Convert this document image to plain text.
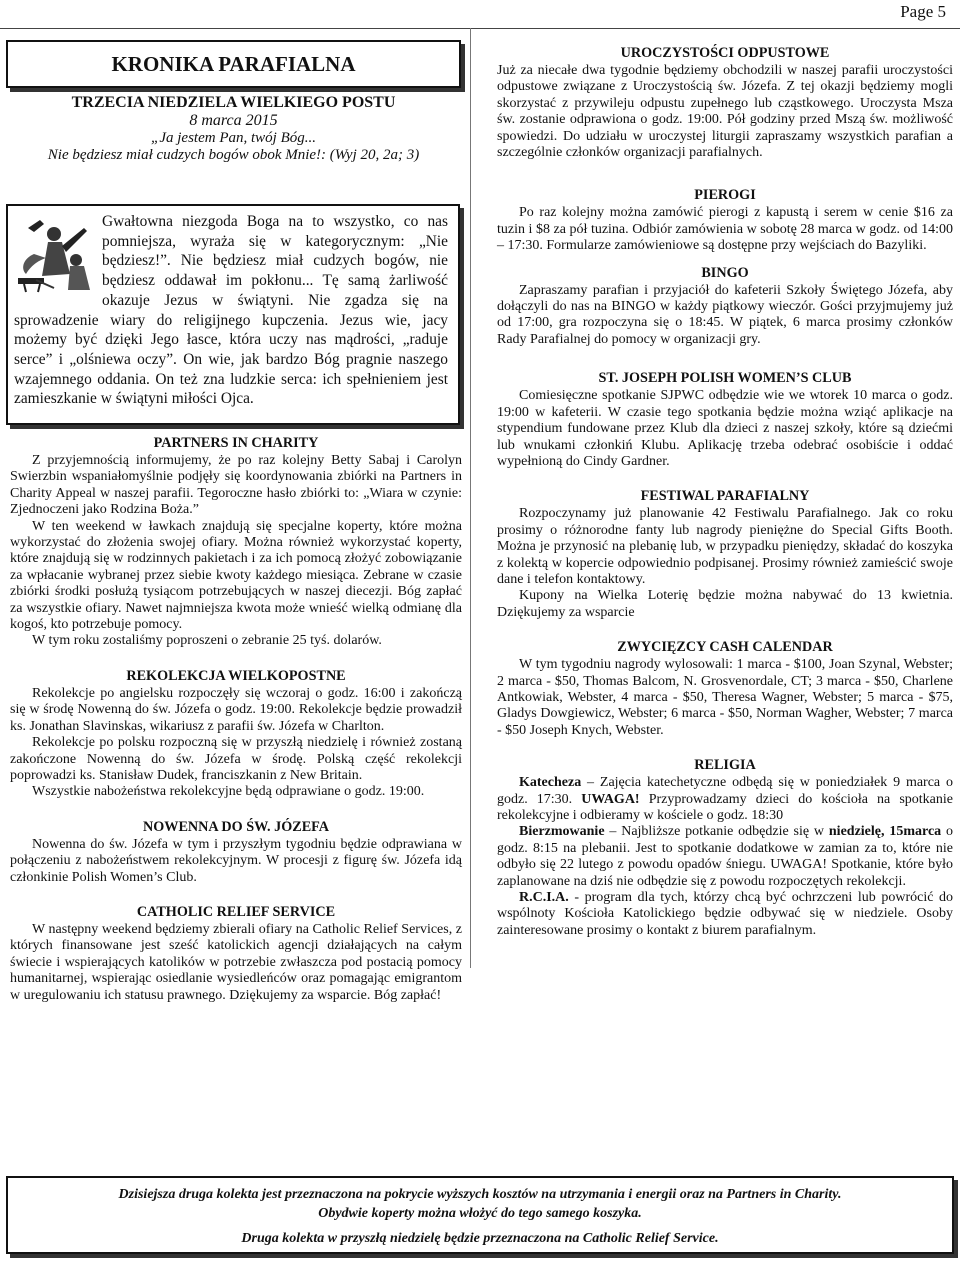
Page 5
KRONIKA PARAFIALNA
TRZECIA NIEDZIELA WIELKIEGO POSTU
8 marca 2015
„Ja jestem Pan, twój Bóg...
Nie będziesz miał cudzych bogów obok Mnie!: (Wyj 20, 2a; 3)
Gwałtowna niezgoda Boga na to wszystko, co nas pomniejsza, wyraża się w kategorycznym: „Nie będziesz!”. Nie będziesz miał cudzych bogów, nie będziesz oddawał im pokłonu... Tę samą żarliwość okazuje Jezus w świątyni. Nie zgadza się na sprowadzenie wiary do religijnego kupczenia. Jezus wie, jacy możemy być dzięki Jego łasce, która uczy nas mądrości, „raduje serce” i „olśniewa oczy”. On wie, jak bardzo Bóg pragnie naszego wzajemnego oddania. On też zna ludzkie serca: ich spełnieniem jest zamieszkanie w świątyni miłości Ojca.

PARTNERS IN CHARITY

Z przyjemnością informujemy, że po raz kolejny Betty Sabaj i Carolyn Swierzbin wspaniałomyślnie podjęły się koordynowania zbiórki na Partners in Charity Appeal w naszej parafii. Tegoroczne hasło zbiórki to: „Wiara w czynie: Zjednoczeni jako Rodzina Boża.”

W ten weekend w ławkach znajdują się specjalne koperty, które można wykorzystać do złożenia swojej ofiary. Można również wykorzystać koperty, które znajdują się w rodzinnych pakietach i za ich pomocą złożyć zobowiązanie za wpłacanie wybranej przez siebie kwoty każdego miesiąca. Zebrane w czasie zbiórki środki posłużą tysiącom potrzebujących w naszej diecezji. Bóg zapłać za wszystkie ofiary. Nawet najmniejsza kwota może wnieść wielką odmianę dla kogoś, kto potrzebuje pomocy.

W tym roku zostaliśmy poproszeni o zebranie 25 tyś. dolarów.

REKOLEKCJA WIELKOPOSTNE

Rekolekcje po angielsku rozpoczęły się wczoraj o godz. 16:00 i zakończą się w środę Nowenną do św. Józefa o godz. 19:00. Rekolekcje będzie prowadził ks. Jonathan Slavinskas, wikariusz z parafii św. Józefa w Charlton.

Rekolekcje po polsku rozpoczną się w przyszłą niedzielę i również zostaną zakończone Nowenną do św. Józefa w środę. Polską część rekolekcji poprowadzi ks. Stanisław Dudek, franciszkanin z New Britain.

Wszystkie nabożeństwa rekolekcyjne będą odprawiane o godz. 19:00.

NOWENNA DO ŚW. JÓZEFA

Nowenna do św. Józefa w tym i przyszłym tygodniu będzie odprawiana w połączeniu z nabożeństwem rekolekcyjnym. W procesji z figurę św. Józefa idą członkinie Polish Women’s Club.

CATHOLIC RELIEF SERVICE

W następny weekend będziemy zbierali ofiary na Catholic Relief Services, z których finansowane jest sześć katolickich agencji działających na całym świecie i wspierających katolików w potrzebie zwłaszcza pod postacią pomocy humanitarnej, wspierając osiedlanie wysiedleńców oraz pomagając emigrantom w uregulowaniu ich statusu prawnego. Dziękujemy za wsparcie. Bóg zapłać!

UROCZYSTOŚCI ODPUSTOWE

Już za niecałe dwa tygodnie będziemy obchodzili w naszej parafii uroczystości odpustowe związane z Uroczystością św. Józefa. Z tej okazji będziemy mogli skorzystać z przywileju odpustu zupełnego lub cząstkowego. Uroczysta Msza św. zostanie odprawiona o godz. 19:00. Pół godziny przed Mszą św. możliwość spowiedzi. Do udziału w uroczystej liturgii zapraszamy wszystkich parafian a szczególnie członków organizacji parafialnych.

PIEROGI

Po raz kolejny można zamówić pierogi z kapustą i serem w cenie $16 za tuzin i $8 za pół tuzina. Odbiór zamówienia w sobotę 28 marca w godz. od 14:00 – 17:30. Formularze zamówieniowe są dostępne przy wejściach do Bazyliki.

BINGO

Zapraszamy parafian i przyjaciół do kafeterii Szkoły Świętego Józefa, aby dołączyli do nas na BINGO w każdy piątkowy wieczór. Gości przyjmujemy już od 17:00, gra rozpoczyna się o 18:45. W piątek, 6 marca prosimy członków Rady Parafialnej do pomocy w organizacji gry.

ST. JOSEPH POLISH WOMEN’S CLUB

Comiesięczne spotkanie SJPWC odbędzie wie we wtorek 10 marca o godz. 19:00 w kafeterii. W czasie tego spotkania będzie można wziąć aplikacje na stypendium fundowane przez Klub dla dzieci z naszej szkoły, które są dziećmi lub wnukami członkiń Klubu. Aplikację trzeba odebrać osobiście i oddać wypełnioną do Cindy Gardner.

FESTIWAL PARAFIALNY

Rozpoczynamy już planowanie 42 Festiwalu Parafialnego. Jak co roku prosimy o różnorodne fanty lub nagrody pieniężne do Special Gifts Booth. Można je przynosić na plebanię lub, w przypadku pieniędzy, składać do koszyka z kolektą w kopercie odpowiednio podpisanej. Prosimy również zamieścić swoje dane i telefon kontaktowy.

Kupony na Wielka Loterię będzie można nabywać do 13 kwietnia. Dziękujemy za wsparcie

ZWYCIĘZCY CASH CALENDAR

W tym tygodniu nagrody wylosowali: 1 marca - $100, Joan Szynal, Webster; 2 marca - $50, Thomas Balcom, N. Grosvenordale, CT; 3 marca - $50, Charlene Antkowiak, Webster, 4 marca - $50, Theresa Wagner, Webster; 5 marca - $75, Gladys Dowgiewicz, Webster; 6 marca - $50, Norman Wagher, Webster; 7 marca - $50 Joseph Knych, Webster.

RELIGIA

Katecheza – Zajęcia katechetyczne odbędą się w poniedziałek 9 marca o godz. 17:30. UWAGA! Przyprowadzamy dzieci do kościoła na spotkanie rekolekcyjne i odbieramy w kościele o godz. 18:30

Bierzmowanie – Najbliższe potkanie odbędzie się w niedzielę, 15marca o godz. 8:15 na plebanii. Jest to spotkanie dodatkowe w zamian za to, które nie odbyło się 22 lutego z powodu opadów śniegu. UWAGA! Spotkanie, które było zaplanowane na dziś nie odbędzie się z powodu rozpoczętych rekolekcji.

R.C.I.A. - program dla tych, którzy chcą być ochrzczeni lub powrócić do wspólnoty Kościoła Katolickiego będzie odbywać się w niedziele. Osoby zainteresowane prosimy o kontakt z biurem parafialnym.

Dzisiejsza druga kolekta jest przeznaczona na pokrycie wyższych kosztów na utrzymania i energii oraz na Partners in Charity.

Obydwie koperty można włożyć do tego samego koszyka.

Druga kolekta w przyszłą niedzielę będzie przeznaczona na Catholic Relief Service.
